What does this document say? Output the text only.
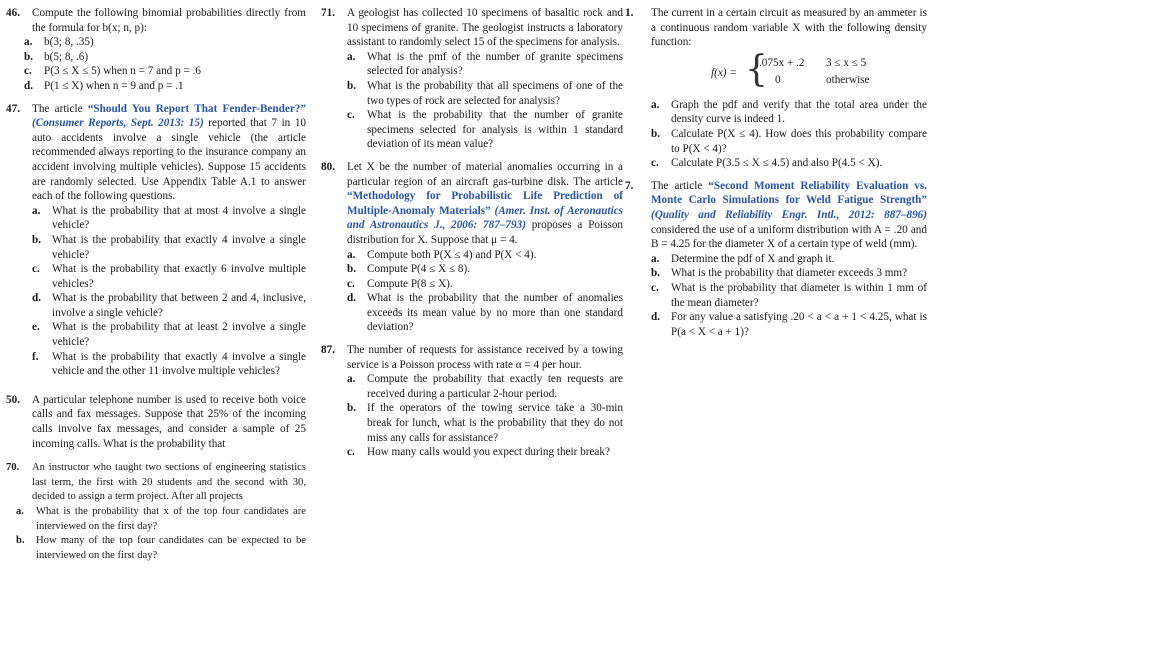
46. Compute the following binomial probabilities directly from the formula for b(x; n, p):
a. b(3; 8, .35)
b. b(5; 8, .6)
c. P(3 ≤ X ≤ 5) when n = 7 and p = .6
d. P(1 ≤ X) when n = 9 and p = .1
47. The article “Should You Report That Fender-Bender?” (Consumer Reports, Sept. 2013: 15) reported that 7 in 10 auto accidents involve a single vehicle (the article recommended always reporting to the insurance company an accident involving multiple vehicles). Suppose 15 accidents are randomly selected. Use Appendix Table A.1 to answer each of the following questions.
a. What is the probability that at most 4 involve a single vehicle?
b. What is the probability that exactly 4 involve a single vehicle?
c. What is the probability that exactly 6 involve multiple vehicles?
d. What is the probability that between 2 and 4, inclusive, involve a single vehicle?
e. What is the probability that at least 2 involve a single vehicle?
f. What is the probability that exactly 4 involve a single vehicle and the other 11 involve multiple vehicles?
50. A particular telephone number is used to receive both voice calls and fax messages. Suppose that 25% of the incoming calls involve fax messages, and consider a sample of 25 incoming calls. What is the probability that
70.	An instructor who taught two sections of engineering statistics last term, the first with 20 students and the second with 30, decided to assign a term project. After all projects
a. What is the probability that x of the top four candidates are interviewed on the first day?
b. How many of the top four candidates can be expected to be interviewed on the first day?
71. A geologist has collected 10 specimens of basaltic rock and 10 specimens of granite. The geologist instructs a laboratory assistant to randomly select 15 of the specimens for analysis.
a. What is the pmf of the number of granite specimens selected for analysis?
b. What is the probability that all specimens of one of the two types of rock are selected for analysis?
c. What is the probability that the number of granite specimens selected for analysis is within 1 standard deviation of its mean value?
80. Let X be the number of material anomalies occurring in a particular region of an aircraft gas-turbine disk. The article “Methodology for Probabilistic Life Prediction of Multiple-Anomaly Materials” (Amer. Inst. of Aeronautics and Astronautics J., 2006: 787–793) proposes a Poisson distribution for X. Suppose that μ = 4.
a. Compute both P(X ≤ 4) and P(X < 4).
b. Compute P(4 ≤ X ≤ 8).
c. Compute P(8 ≤ X).
d. What is the probability that the number of anomalies exceeds its mean value by no more than one standard deviation?
87. The number of requests for assistance received by a towing service is a Poisson process with rate α = 4 per hour.
a. Compute the probability that exactly ten requests are received during a particular 2-hour period.
b. If the operators of the towing service take a 30-min break for lunch, what is the probability that they do not miss any calls for assistance?
c. How many calls would you expect during their break?
1. The current in a certain circuit as measured by an ammeter is a continuous random variable X with the following density function:
f(x) = {
.075x + .2 3 ≤ x ≤ 5
0	otherwise
a. Graph the pdf and verify that the total area under the density curve is indeed 1.
b. Calculate P(X ≤ 4). How does this probability compare to P(X < 4)?
c. Calculate P(3.5 ≤ X ≤ 4.5) and also P(4.5 < X).
7. The article “Second Moment Reliability Evaluation vs. Monte Carlo Simulations for Weld Fatigue Strength” (Quality and Reliability Engr. Intl., 2012: 887–896) considered the use of a uniform distribution with A = .20 and B = 4.25 for the diameter X of a certain type of weld (mm).
a. Determine the pdf of X and graph it.
b. What is the probability that diameter exceeds 3 mm?
c. What is the probability that diameter is within 1 mm of the mean diameter?
d. For any value a satisfying .20 < a < a + 1 < 4.25, what is P(a < X < a + 1)?
